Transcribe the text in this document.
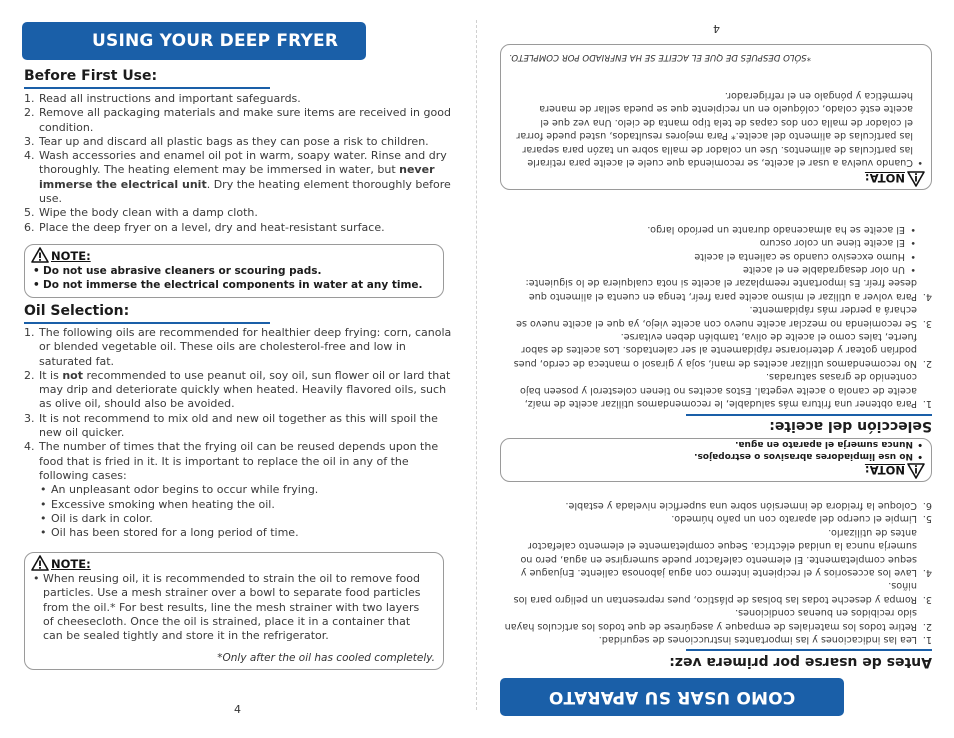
USING YOUR DEEP FRYER
Before First Use:
1. Read all instructions and important safeguards.
2. Remove all packaging materials and make sure items are received in good condition.
3. Tear up and discard all plastic bags as they can pose a risk to children.
4. Wash accessories and enamel oil pot in warm, soapy water. Rinse and dry thoroughly. The heating element may be immersed in water, but never immerse the electrical unit. Dry the heating element thoroughly before use.
5. Wipe the body clean with a damp cloth.
6. Place the deep fryer on a level, dry and heat-resistant surface.
NOTE:
• Do not use abrasive cleaners or scouring pads.
• Do not immerse the electrical components in water at any time.
Oil Selection:
1. The following oils are recommended for healthier deep frying: corn, canola or blended vegetable oil. These oils are cholesterol-free and low in saturated fat.
2. It is not recommended to use peanut oil, soy oil, sun flower oil or lard that may drip and deteriorate quickly when heated. Heavily flavored oils, such as olive oil, should also be avoided.
3. It is not recommend to mix old and new oil together as this will spoil the new oil quicker.
4. The number of times that the frying oil can be reused depends upon the food that is fried in it. It is important to replace the oil in any of the following cases:
• An unpleasant odor begins to occur while frying.
• Excessive smoking when heating the oil.
• Oil is dark in color.
• Oil has been stored for a long period of time.
NOTE:
• When reusing oil, it is recommended to strain the oil to remove food particles. Use a mesh strainer over a bowl to separate food particles from the oil.* For best results, line the mesh strainer with two layers of cheesecloth. Once the oil is strained, place it in a container that can be sealed tightly and store it in the refrigerator.
*Only after the oil has cooled completely.
4
COMO USAR SU APARATO
Antes de usarse por primera vez:
1.
Lea las indicaciones y las importantes instrucciones de seguridad.
2.
Retire todos los materiales de empaque y asegúrese de que todos los artículos hayan sido recibidos en buenas condiciones.
3.
Rompa y deseche todas las bolsas de plástico, pues representan un peligro para los niños.
4.
Lave los accesorios y el recipiente interno con agua jabonosa caliente. Enjuague y seque completamente. El elemento calefactor puede sumergirse en agua, pero no sumerja nunca la unidad eléctrica. Seque completamente el elemento calefactor antes de utilizarlo.
5.
Limpie el cuerpo del aparato con un paño húmedo.
6.
Coloque la freidora de inmersión sobre una superficie nivelada y estable.
NOTA:
• No use limpiadores abrasivos o estropajos.
• Nunca sumerja el aparato en agua.
Selección del aceite:
1.
Para obtener una fritura más saludable, le recomendamos utilizar aceite de maíz, aceite de canola o aceite vegetal. Estos aceites no tienen colesterol y poseen bajo contenido de grasas saturadas.
2.
No recomendamos utilizar aceites de maní, soja y girasol o manteca de cerdo, pues podrían gotear y deteriorarse rápidamente al ser calentados. Los aceites de sabor fuerte, tales como el aceite de oliva, también deben evitarse.
3.
Se recomienda no mezclar aceite nuevo con aceite viejo, ya que el aceite nuevo se echará a perder más rápidamente.
4.
Para volver a utilizar el mismo aceite para freír, tenga en cuenta el alimento que desee freír. Es importante reemplazar el aceite si nota cualquiera de lo siguiente:
• Un olor desagradable en el aceite
• Humo excesivo cuando se calienta el aceite
• El aceite tiene un color oscuro
• El aceite se ha almacenado durante un período largo.
NOTA:
• Cuando vuelva a usar el aceite, se recomienda que cuele el aceite para retirarle las partículas de alimentos. Use un colador de malla sobre un tazón para separar las partículas de alimento del aceite.* Para mejores resultados, usted puede forrar el colador de malla con dos capas de tela tipo manta de cielo. Una vez que el aceite esté colado, colóquelo en un recipiente que se pueda sellar de manera hermética y póngalo en el refrigerador.
*SÓLO DESPUÉS DE QUE EL ACEITE SE HA ENFRIADO POR COMPLETO.
4
